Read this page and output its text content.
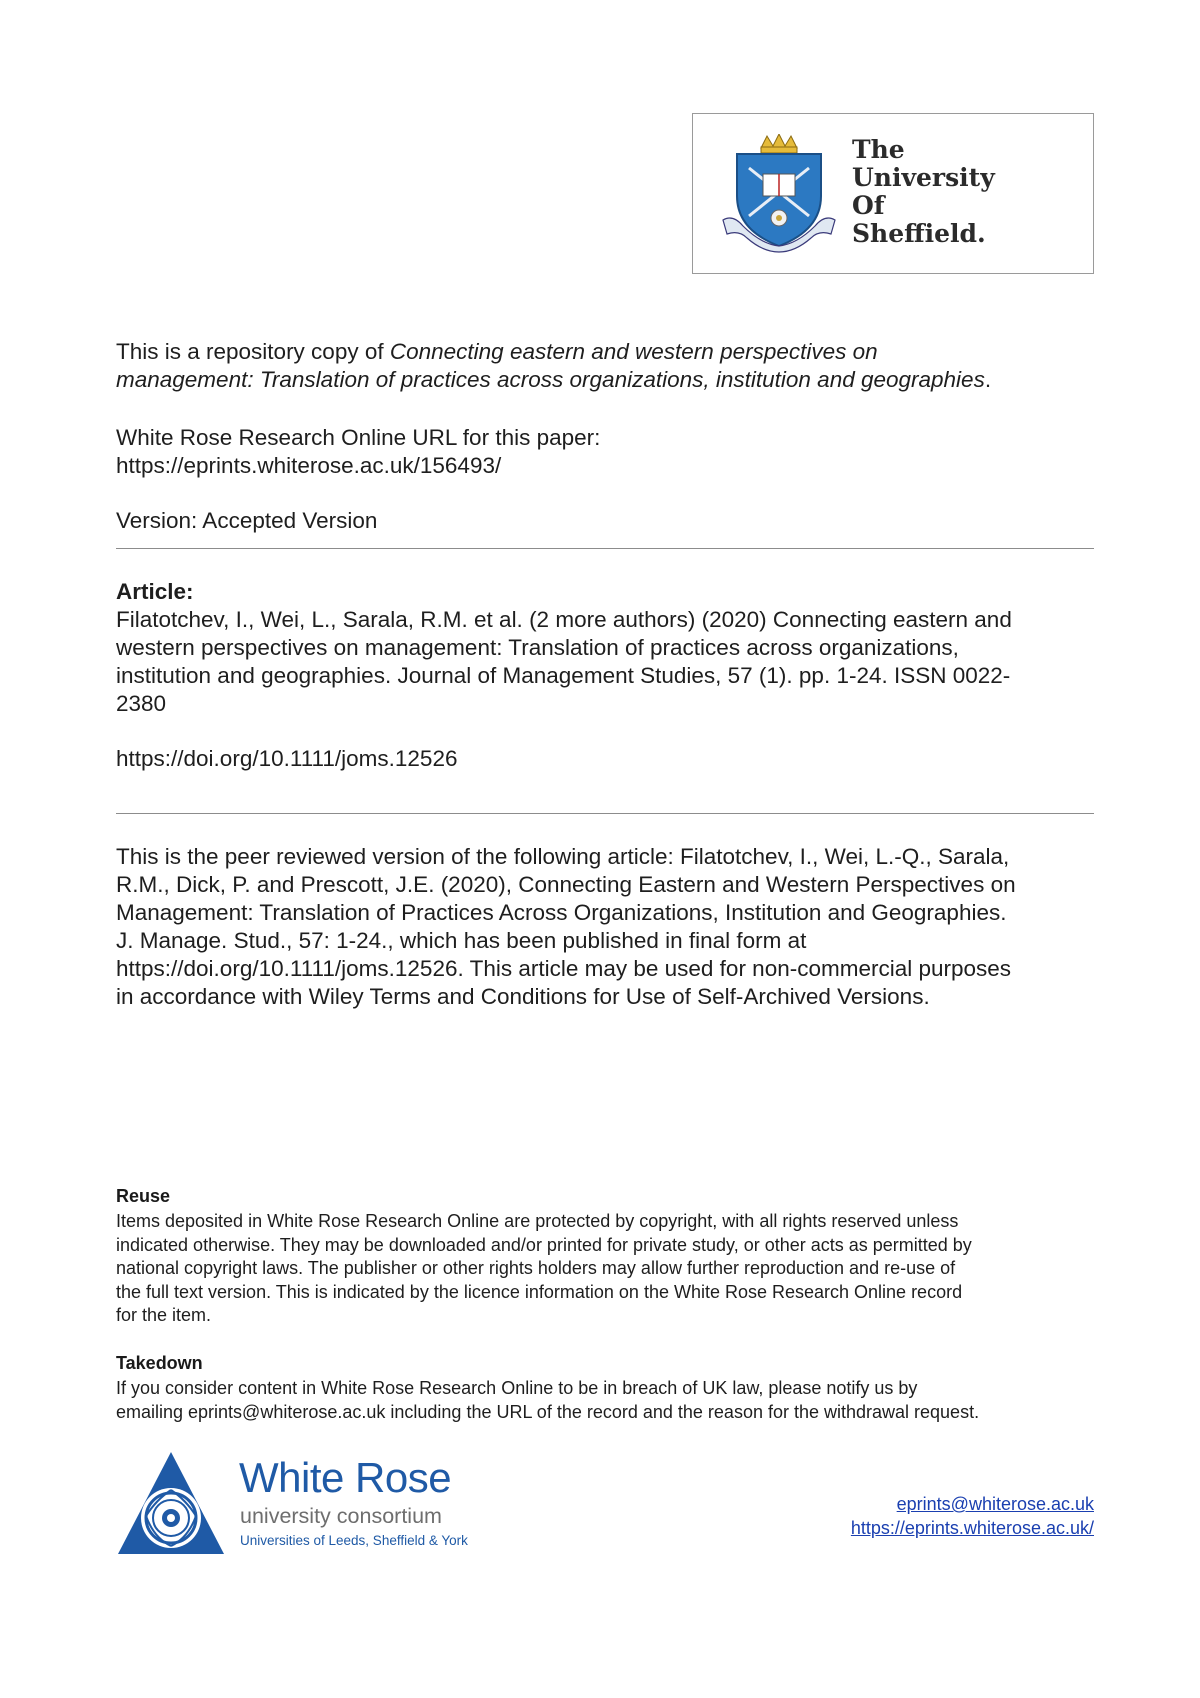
The
University
Of
Sheffield.
This is a repository copy of Connecting eastern and western perspectives on
management: Translation of practices across organizations, institution and geographies.
White Rose Research Online URL for this paper:
https://eprints.whiterose.ac.uk/156493/
Version: Accepted Version
Article:
Filatotchev, I., Wei, L., Sarala, R.M. et al. (2 more authors) (2020) Connecting eastern and
western perspectives on management: Translation of practices across organizations,
institution and geographies. Journal of Management Studies, 57 (1). pp. 1-24. ISSN 0022-
2380
https://doi.org/10.1111/joms.12526
This is the peer reviewed version of the following article: Filatotchev, I., Wei, L.-Q., Sarala,
R.M., Dick, P. and Prescott, J.E. (2020), Connecting Eastern and Western Perspectives on
Management: Translation of Practices Across Organizations, Institution and Geographies.
J. Manage. Stud., 57: 1-24., which has been published in final form at
https://doi.org/10.1111/joms.12526. This article may be used for non-commercial purposes
in accordance with Wiley Terms and Conditions for Use of Self-Archived Versions.
Reuse
Items deposited in White Rose Research Online are protected by copyright, with all rights reserved unless
indicated otherwise. They may be downloaded and/or printed for private study, or other acts as permitted by
national copyright laws. The publisher or other rights holders may allow further reproduction and re-use of
the full text version. This is indicated by the licence information on the White Rose Research Online record
for the item.
Takedown
If you consider content in White Rose Research Online to be in breach of UK law, please notify us by
emailing eprints@whiterose.ac.uk including the URL of the record and the reason for the withdrawal request.
White Rose
university consortium
Universities of Leeds, Sheffield & York
eprints@whiterose.ac.uk
https://eprints.whiterose.ac.uk/
